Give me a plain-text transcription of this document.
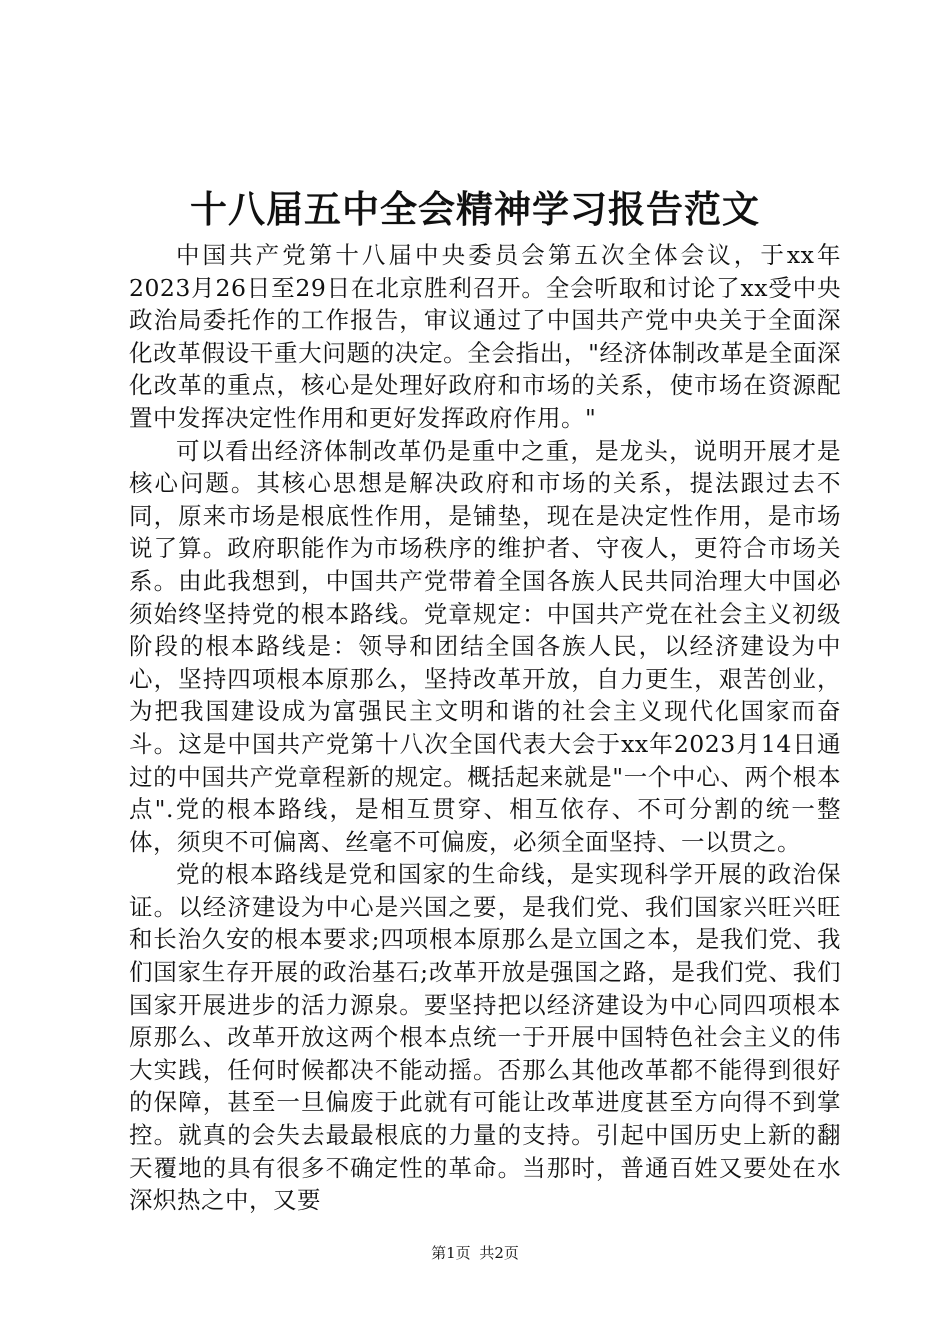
十八届五中全会精神学习报告范文

中国共产党第十八届中央委员会第五次全体会议，于xx年2023月26日至29日在北京胜利召开。全会听取和讨论了xx受中央政治局委托作的工作报告，审议通过了中国共产党中央关于全面深化改革假设干重大问题的决定。全会指出，"经济体制改革是全面深化改革的重点，核心是处理好政府和市场的关系，使市场在资源配置中发挥决定性作用和更好发挥政府作用。"

可以看出经济体制改革仍是重中之重，是龙头，说明开展才是核心问题。其核心思想是解决政府和市场的关系，提法跟过去不同，原来市场是根底性作用，是铺垫，现在是决定性作用，是市场说了算。政府职能作为市场秩序的维护者、守夜人，更符合市场关系。由此我想到，中国共产党带着全国各族人民共同治理大中国必须始终坚持党的根本路线。党章规定：中国共产党在社会主义初级阶段的根本路线是：领导和团结全国各族人民，以经济建设为中心，坚持四项根本原那么，坚持改革开放，自力更生，艰苦创业，为把我国建设成为富强民主文明和谐的社会主义现代化国家而奋斗。这是中国共产党第十八次全国代表大会于xx年2023月14日通过的中国共产党章程新的规定。概括起来就是"一个中心、两个根本点".党的根本路线，是相互贯穿、相互依存、不可分割的统一整体，须臾不可偏离、丝毫不可偏废，必须全面坚持、一以贯之。

党的根本路线是党和国家的生命线，是实现科学开展的政治保证。以经济建设为中心是兴国之要，是我们党、我们国家兴旺兴旺和长治久安的根本要求;四项根本原那么是立国之本，是我们党、我们国家生存开展的政治基石;改革开放是强国之路，是我们党、我们国家开展进步的活力源泉。要坚持把以经济建设为中心同四项根本原那么、改革开放这两个根本点统一于开展中国特色社会主义的伟大实践，任何时候都决不能动摇。否那么其他改革都不能得到很好的保障，甚至一旦偏废于此就有可能让改革进度甚至方向得不到掌控。就真的会失去最最根底的力量的支持。引起中国历史上新的翻天覆地的具有很多不确定性的革命。当那时，普通百姓又要处在水深炽热之中，又要

第1页 共2页
